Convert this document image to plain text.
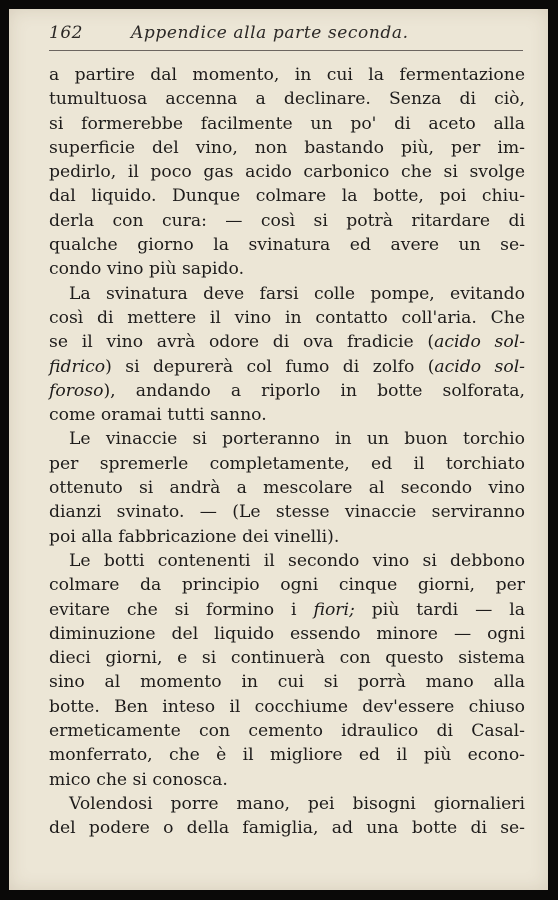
162	Appendice alla parte seconda.
a partire dal momento, in cui la fermentazione
tumultuosa accenna a declinare. Senza di ciò,
si formerebbe facilmente un po' di aceto alla
superficie del vino, non bastando più, per im-
pedirlo, il poco gas acido carbonico che si svolge
dal liquido. Dunque colmare la botte, poi chiu-
derla con cura: — così si potrà ritardare di
qualche giorno la svinatura ed avere un se-
condo vino più sapido.
La svinatura deve farsi colle pompe, evitando
così di mettere il vino in contatto coll'aria. Che
se il vino avrà odore di ova fradicie (acido sol-
fidrico) si depurerà col fumo di zolfo (acido sol-
foroso), andando a riporlo in botte solforata,
come oramai tutti sanno.
Le vinaccie si porteranno in un buon torchio
per spremerle completamente, ed il torchiato
ottenuto si andrà a mescolare al secondo vino
dianzi svinato. — (Le stesse vinaccie serviranno
poi alla fabbricazione dei vinelli).
Le botti contenenti il secondo vino si debbono
colmare da principio ogni cinque giorni, per
evitare che si formino i fiori; più tardi — la
diminuzione del liquido essendo minore — ogni
dieci giorni, e si continuerà con questo sistema
sino al momento in cui si porrà mano alla
botte. Ben inteso il cocchiume dev'essere chiuso
ermeticamente con cemento idraulico di Casal-
monferrato, che è il migliore ed il più econo-
mico che si conosca.
Volendosi porre mano, pei bisogni giornalieri
del podere o della famiglia, ad una botte di se-
